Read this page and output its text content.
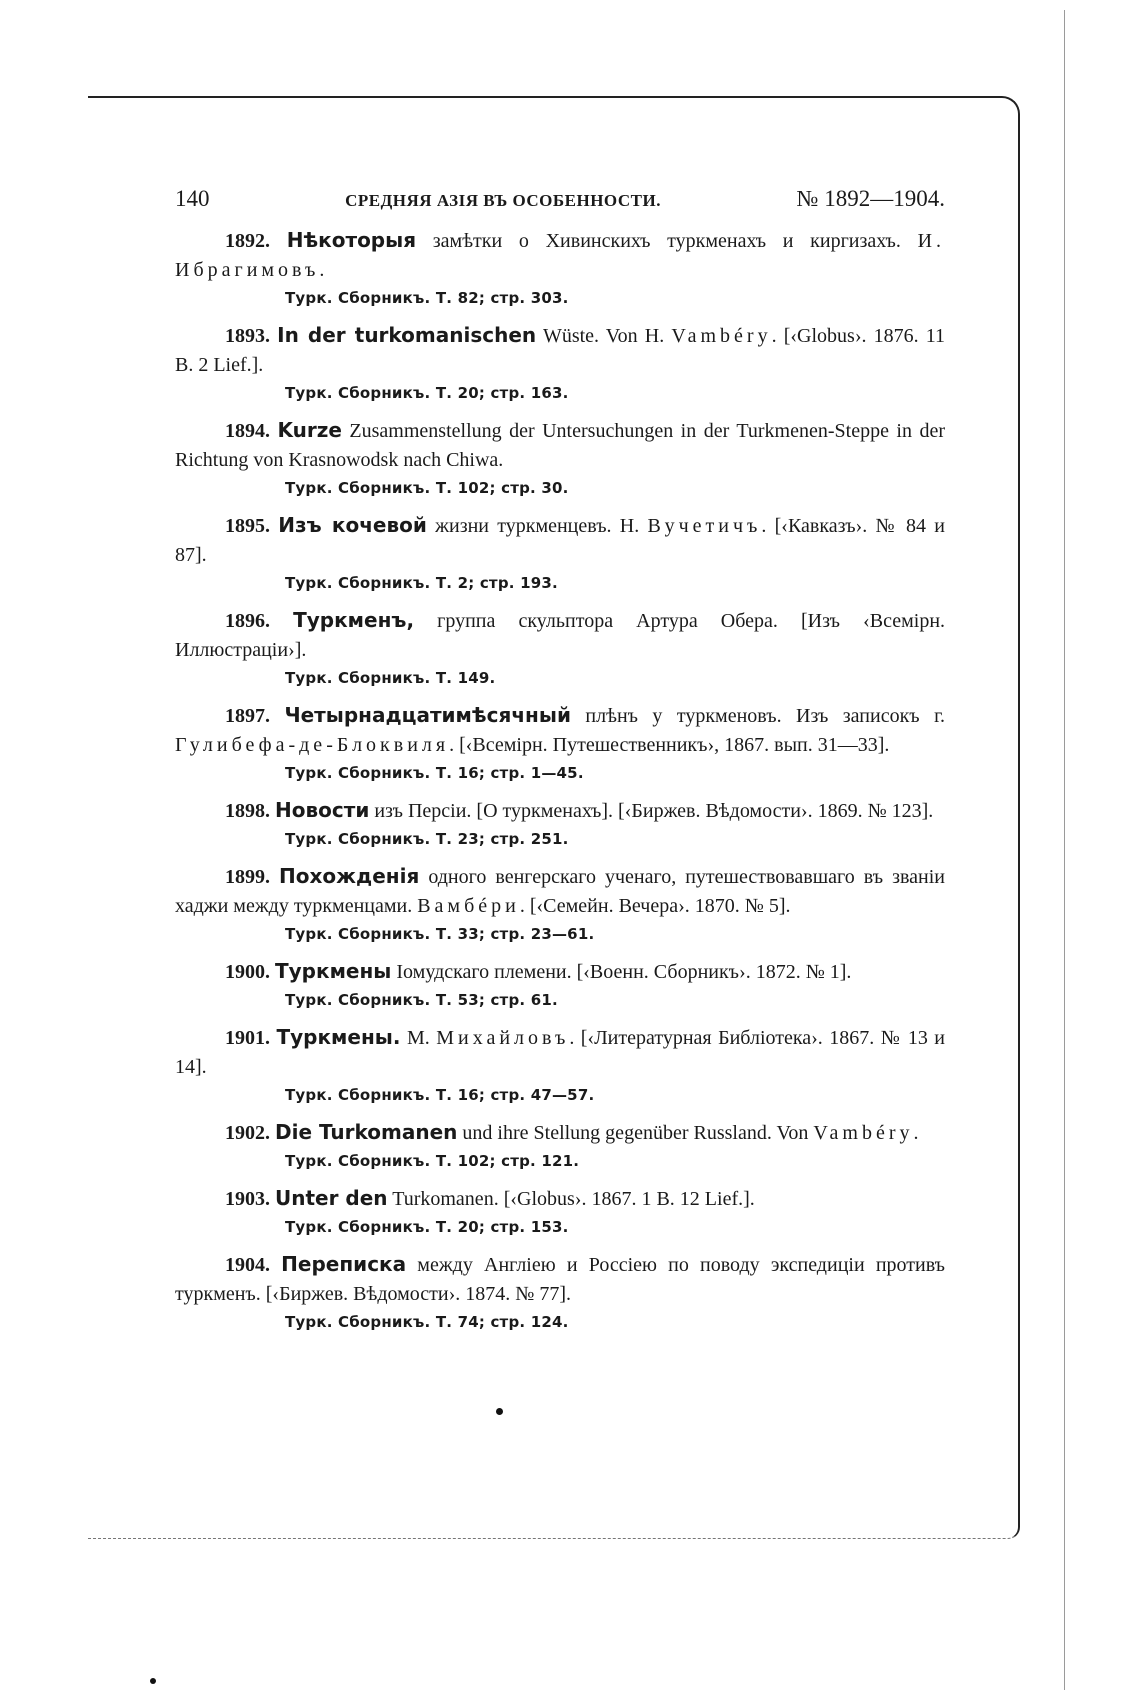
140	СРЕДНЯЯ АЗІЯ ВЪ ОСОБЕННОСТИ.	№ 1892—1904.

1892. Нѣкоторыя замѣтки о Хивинскихъ туркменахъ и киргизахъ. И. Ибрагимовъ.

Турк. Сборникъ. Т. 82; стр. 303.

1893. In der turkomanischen Wüste. Von H. Vambéry. [‹Globus›. 1876. 11 B. 2 Lief.].

Турк. Сборникъ. Т. 20; стр. 163.

1894. Kurze Zusammenstellung der Untersuchungen in der Turkmenen-Steppe in der Richtung von Krasnowodsk nach Chiwa.

Турк. Сборникъ. Т. 102; стр. 30.

1895. Изъ кочевой жизни туркменцевъ. Н. Вучетичъ. [‹Кавказъ›. № 84 и 87].

Турк. Сборникъ. Т. 2; стр. 193.

1896. Туркменъ, группа скульптора Артура Обера. [Изъ ‹Всемірн. Иллюстраціи›].

Турк. Сборникъ. Т. 149.

1897. Четырнадцатимѣсячный плѣнъ у туркменовъ. Изъ записокъ г. Гулибефа-де-Блоквиля. [‹Всемірн. Путешественникъ›, 1867. вып. 31—33].

Турк. Сборникъ. Т. 16; стр. 1—45.

1898. Новости изъ Персіи. [О туркменахъ]. [‹Биржев. Вѣдомости›. 1869. № 123].

Турк. Сборникъ. Т. 23; стр. 251.

1899. Похожденія одного венгерскаго ученаго, путешествовавшаго въ званіи хаджи между туркменцами. Вамбéри. [‹Семейн. Вечера›. 1870. № 5].

Турк. Сборникъ. Т. 33; стр. 23—61.

1900. Туркмены Іомудскаго племени. [‹Военн. Сборникъ›. 1872. № 1].

Турк. Сборникъ. Т. 53; стр. 61.

1901. Туркмены. М. Михайловъ. [‹Литературная Библіотека›. 1867. № 13 и 14].

Турк. Сборникъ. Т. 16; стр. 47—57.

1902. Die Turkomanen und ihre Stellung gegenüber Russland. Von Vambéry.

Турк. Сборникъ. Т. 102; стр. 121.

1903. Unter den Turkomanen. [‹Globus›. 1867. 1 B. 12 Lief.].

Турк. Сборникъ. Т. 20; стр. 153.

1904. Переписка между Англіею и Россіею по поводу экспедиціи противъ туркменъ. [‹Биржев. Вѣдомости›. 1874. № 77].

Турк. Сборникъ. Т. 74; стр. 124.
